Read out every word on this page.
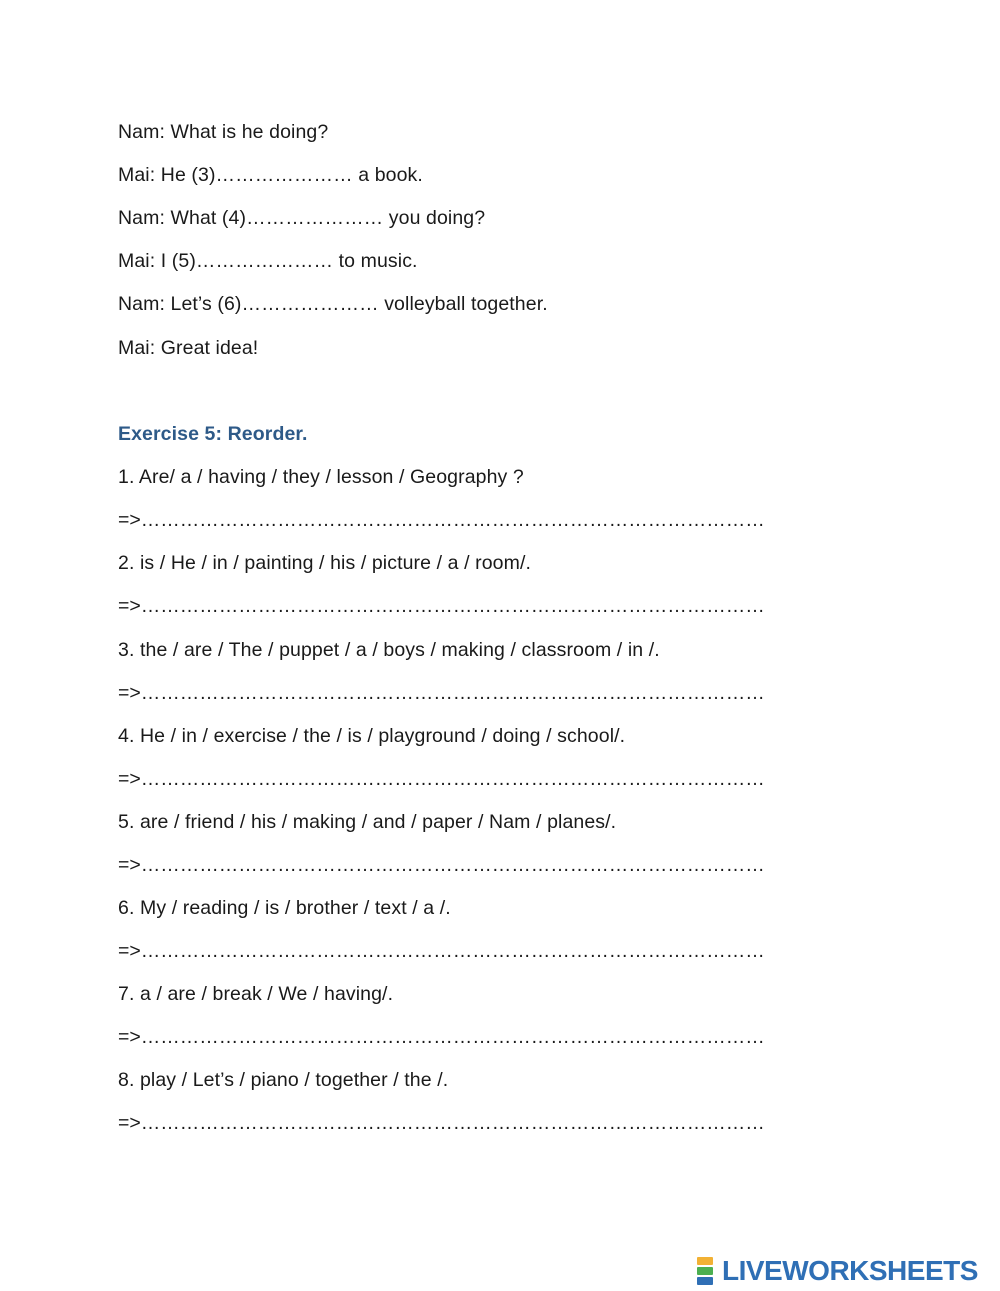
Nam: What is he doing?
Mai: He (3)………………… a book.
Nam: What (4)………………… you doing?
Mai: I (5)………………… to music.
Nam: Let’s (6)………………… volleyball together.
Mai: Great idea!
Exercise 5: Reorder.
1. Are/ a / having / they / lesson / Geography ?
=>……………………………………………………………………………………
2. is / He / in / painting / his / picture / a / room/.
=>……………………………………………………………………………………
3. the / are / The / puppet / a / boys / making / classroom / in /.
=>……………………………………………………………………………………
4. He / in / exercise / the / is / playground / doing / school/.
=>……………………………………………………………………………………
5. are / friend / his / making / and / paper / Nam / planes/.
=>……………………………………………………………………………………
6. My / reading / is / brother / text / a /.
=>……………………………………………………………………………………
7. a / are / break / We / having/.
=>……………………………………………………………………………………
8. play / Let’s / piano / together / the /.
=>……………………………………………………………………………………
LIVEWORKSHEETS
